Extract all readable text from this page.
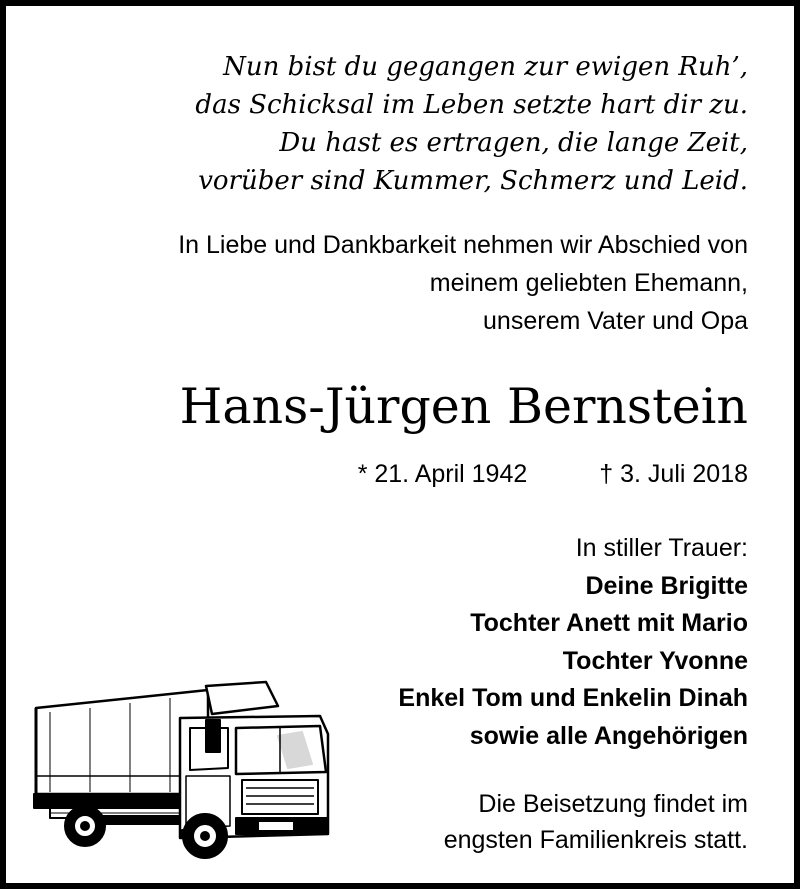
Nun bist du gegangen zur ewigen Ruh’,
das Schicksal im Leben setzte hart dir zu.
Du hast es ertragen, die lange Zeit,
vorüber sind Kummer, Schmerz und Leid.
In Liebe und Dankbarkeit nehmen wir Abschied von
meinem geliebten Ehemann,
unserem Vater und Opa
Hans-Jürgen Bernstein
* 21. April 1942	† 3. Juli 2018
In stiller Trauer:
Deine Brigitte
Tochter Anett mit Mario
Tochter Yvonne
Enkel Tom und Enkelin Dinah
sowie alle Angehörigen
Die Beisetzung findet im
engsten Familienkreis statt.
